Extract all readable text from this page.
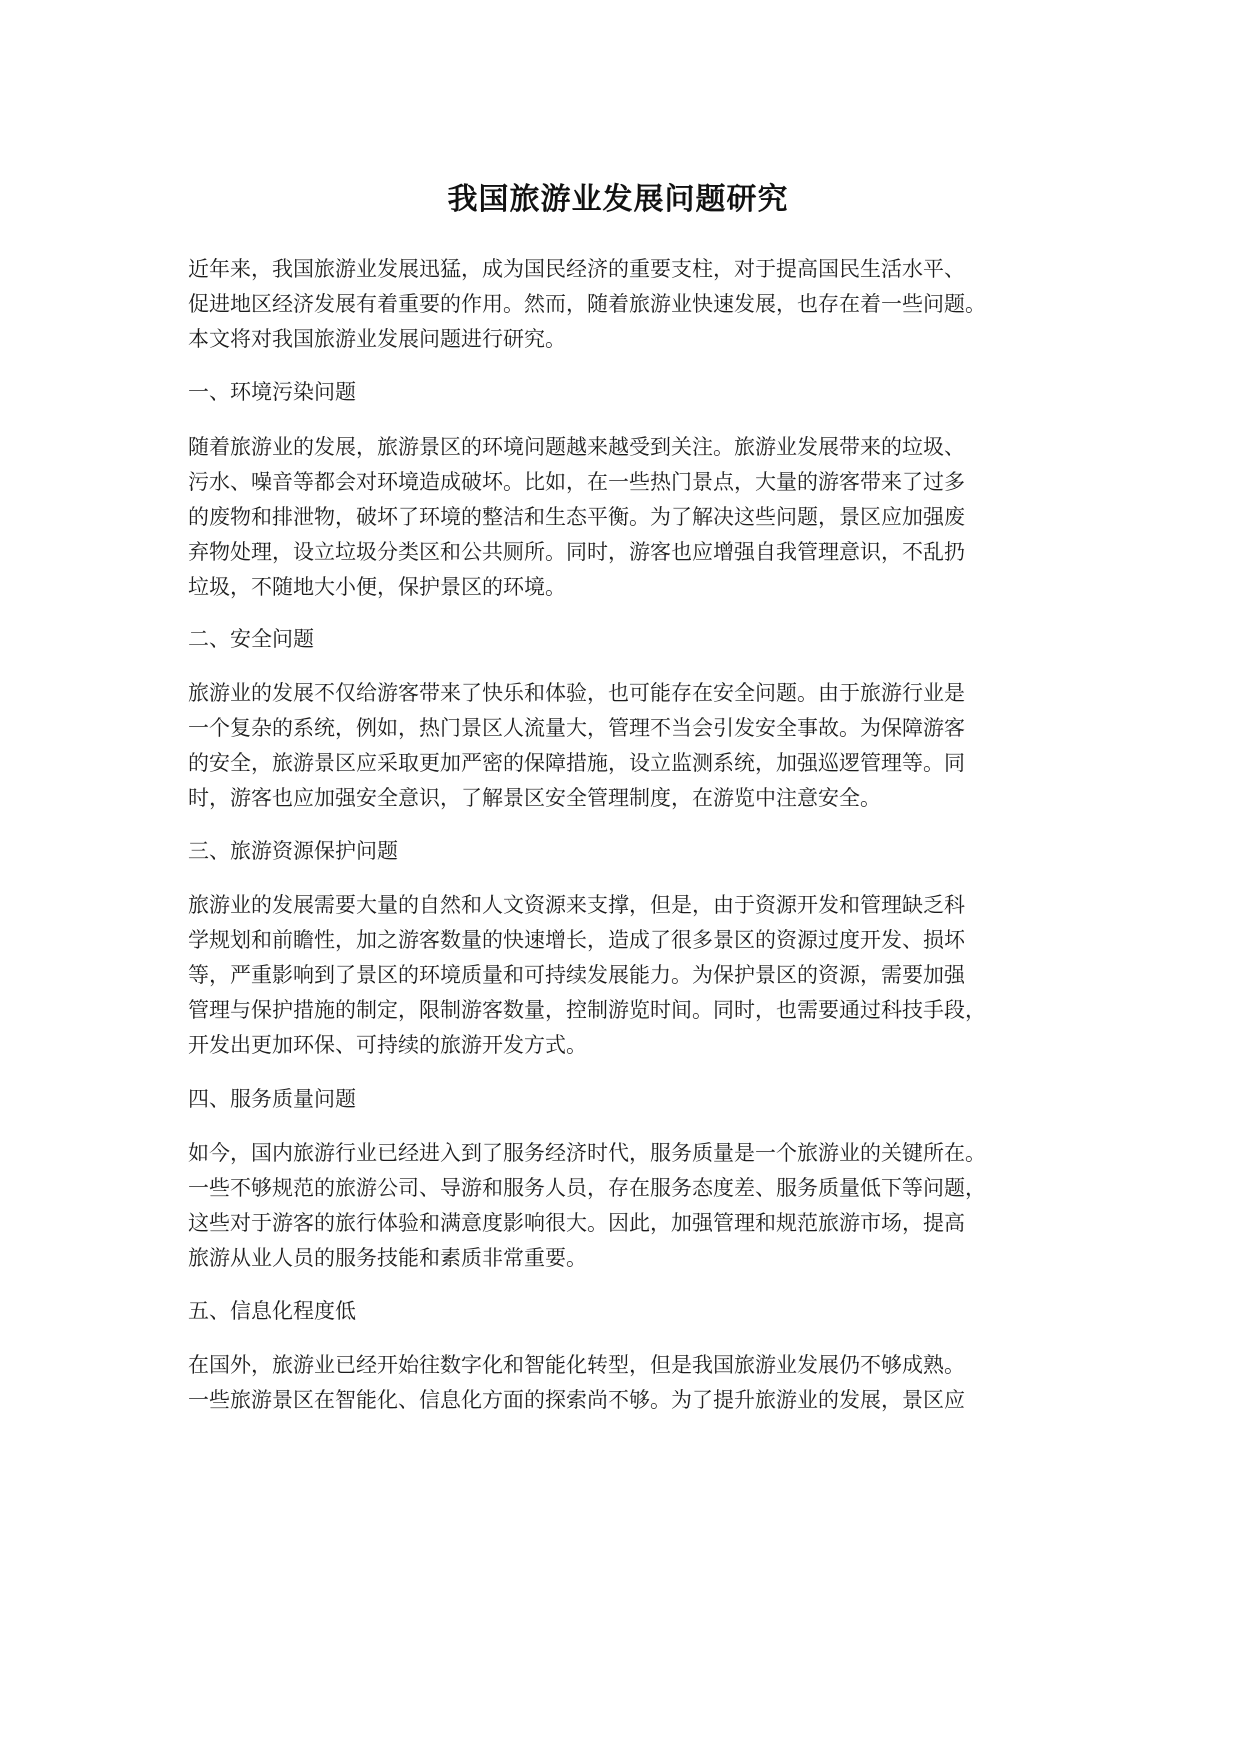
我国旅游业发展问题研究

近年来，我国旅游业发展迅猛，成为国民经济的重要支柱，对于提高国民生活水平、
促进地区经济发展有着重要的作用。然而，随着旅游业快速发展，也存在着一些问题。
本文将对我国旅游业发展问题进行研究。

一、环境污染问题

随着旅游业的发展，旅游景区的环境问题越来越受到关注。旅游业发展带来的垃圾、
污水、噪音等都会对环境造成破坏。比如，在一些热门景点，大量的游客带来了过多
的废物和排泄物，破坏了环境的整洁和生态平衡。为了解决这些问题，景区应加强废
弃物处理，设立垃圾分类区和公共厕所。同时，游客也应增强自我管理意识，不乱扔
垃圾，不随地大小便，保护景区的环境。

二、安全问题

旅游业的发展不仅给游客带来了快乐和体验，也可能存在安全问题。由于旅游行业是
一个复杂的系统，例如，热门景区人流量大，管理不当会引发安全事故。为保障游客
的安全，旅游景区应采取更加严密的保障措施，设立监测系统，加强巡逻管理等。同
时，游客也应加强安全意识，了解景区安全管理制度，在游览中注意安全。

三、旅游资源保护问题

旅游业的发展需要大量的自然和人文资源来支撑，但是，由于资源开发和管理缺乏科
学规划和前瞻性，加之游客数量的快速增长，造成了很多景区的资源过度开发、损坏
等，严重影响到了景区的环境质量和可持续发展能力。为保护景区的资源，需要加强
管理与保护措施的制定，限制游客数量，控制游览时间。同时，也需要通过科技手段，
开发出更加环保、可持续的旅游开发方式。

四、服务质量问题

如今，国内旅游行业已经进入到了服务经济时代，服务质量是一个旅游业的关键所在。
一些不够规范的旅游公司、导游和服务人员，存在服务态度差、服务质量低下等问题，
这些对于游客的旅行体验和满意度影响很大。因此，加强管理和规范旅游市场，提高
旅游从业人员的服务技能和素质非常重要。

五、信息化程度低

在国外，旅游业已经开始往数字化和智能化转型，但是我国旅游业发展仍不够成熟。
一些旅游景区在智能化、信息化方面的探索尚不够。为了提升旅游业的发展，景区应
